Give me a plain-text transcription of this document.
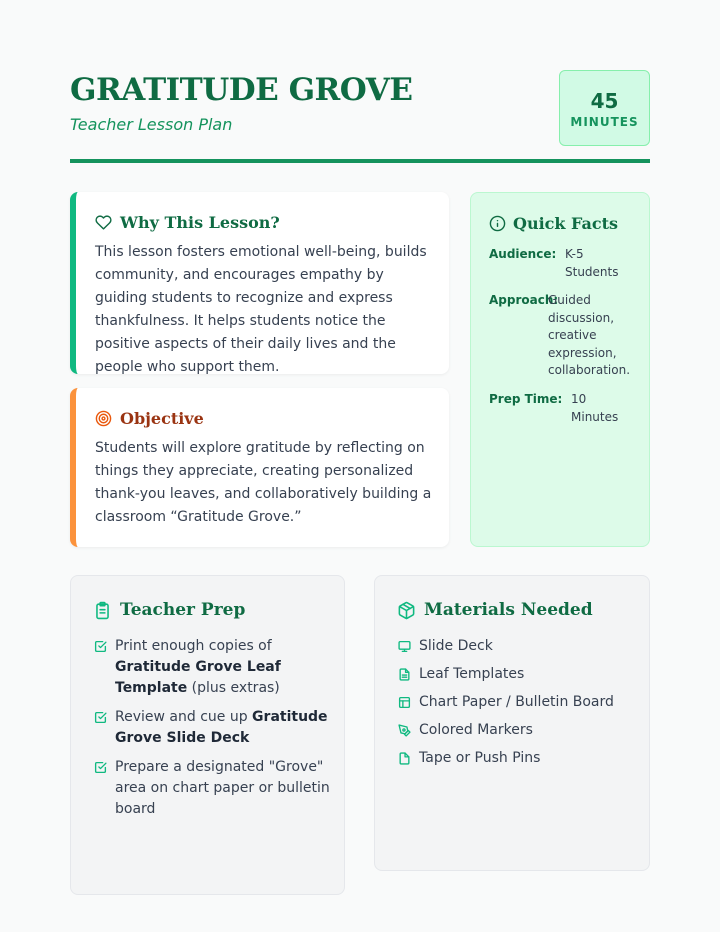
GRATITUDE GROVE
Teacher Lesson Plan
45
MINUTES
Why This Lesson?

This lesson fosters emotional well-being, builds community, and encourages empathy by guiding students to recognize and express thankfulness. It helps students notice the positive aspects of their daily lives and the people who support them.

Objective

Students will explore gratitude by reflecting on things they appreciate, creating personalized thank-you leaves, and collaboratively building a classroom “Gratitude Grove.”

Quick Facts
Audience: K-5 Students
Approach:
Guided discussion, creative expression, collaboration.
Prep Time: 10 Minutes
Teacher Prep
Print enough copies of Gratitude Grove Leaf Template (plus extras)
Review and cue up Gratitude Grove Slide Deck
Prepare a designated "Grove" area on chart paper or bulletin board
Materials Needed
Slide Deck
Leaf Templates
Chart Paper / Bulletin Board
Colored Markers
Tape or Push Pins
